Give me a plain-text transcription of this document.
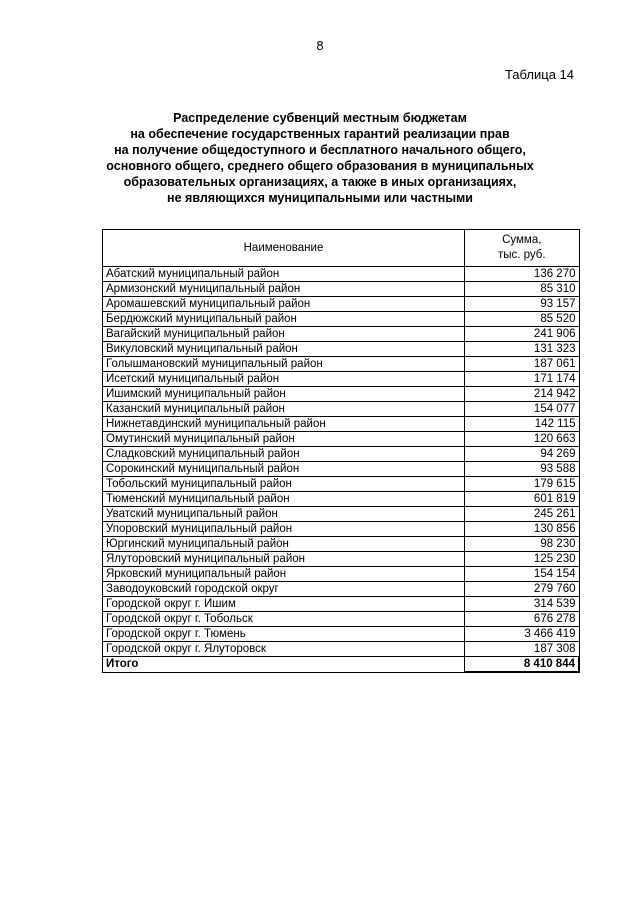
8
Таблица 14
Распределение субвенций местным бюджетам
на обеспечение государственных гарантий реализации прав
на получение общедоступного и бесплатного начального общего,
основного общего, среднего общего образования в муниципальных
образовательных организациях, а также в иных организациях,
не являющихся муниципальными или частными
Наименование	Сумма,
тыс. руб.

Абатский муниципальный район	136 270
Армизонский муниципальный район	85 310
Аромашевский муниципальный район	93 157
Бердюжский муниципальный район	85 520
Вагайский муниципальный район	241 906
Викуловский муниципальный район	131 323
Голышмановский муниципальный район	187 061
Исетский муниципальный район	171 174
Ишимский муниципальный район	214 942
Казанский муниципальный район	154 077
Нижнетавдинский муниципальный район	142 115
Омутинский муниципальный район	120 663
Сладковский муниципальный район	94 269
Сорокинский муниципальный район	93 588
Тобольский муниципальный район	179 615
Тюменский муниципальный район	601 819
Уватский муниципальный район	245 261
Упоровский муниципальный район	130 856
Юргинский муниципальный район	98 230
Ялуторовский муниципальный район	125 230
Ярковский муниципальный район	154 154
Заводоуковский городской округ	279 760
Городской округ г. Ишим	314 539
Городской округ г. Тобольск	676 278
Городской округ г. Тюмень	3 466 419
Городской округ г. Ялуторовск	187 308
Итого	8 410 844
